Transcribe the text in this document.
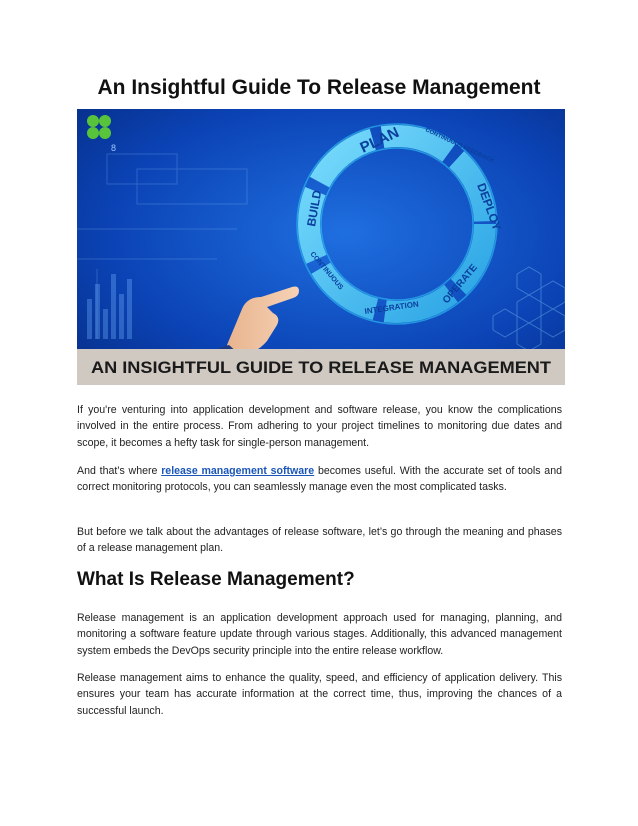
An Insightful Guide To Release Management
8	PLAN	CONTINUOUS FEEDBACK
DEPLOY
OPERATE
INTEGRATION
CONTINUOUS
BUILD
AN INSIGHTFUL GUIDE TO RELEASE MANAGEMENT

If you're venturing into application development and software release, you know the complications involved in the entire process. From adhering to your project timelines to monitoring due dates and scope, it becomes a hefty task for single-person management.

And that’s where release management software becomes useful. With the accurate set of tools and correct monitoring protocols, you can seamlessly manage even the most complicated tasks.

But before we talk about the advantages of release software, let’s go through the meaning and phases of a release management plan.

What Is Release Management?

Release management is an application development approach used for managing, planning, and monitoring a software feature update through various stages. Additionally, this advanced management system embeds the DevOps security principle into the entire release workflow.

Release management aims to enhance the quality, speed, and efficiency of application delivery. This ensures your team has accurate information at the correct time, thus, improving the chances of a successful launch.
